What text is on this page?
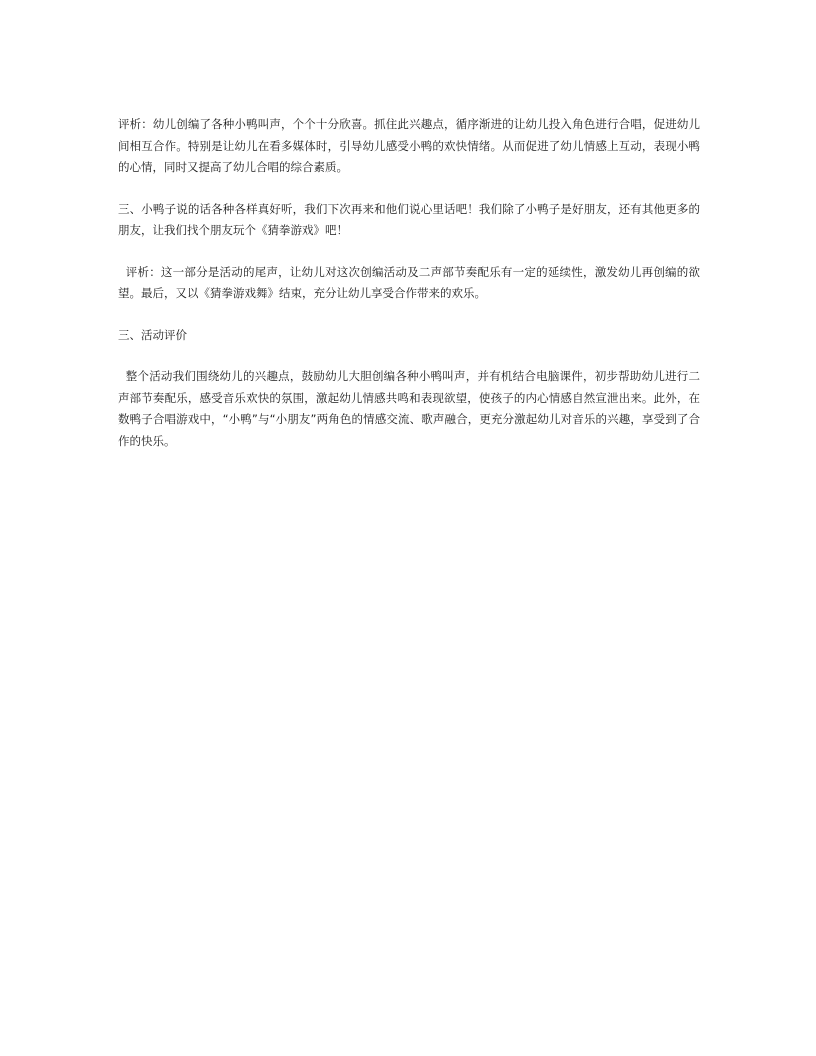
评析：幼儿创编了各种小鸭叫声，个个十分欣喜。抓住此兴趣点，循序渐进的让幼儿投入角色进行合唱，促进幼儿间相互合作。特别是让幼儿在看多媒体时，引导幼儿感受小鸭的欢快情绪。从而促进了幼儿情感上互动，表现小鸭的心情，同时又提高了幼儿合唱的综合素质。

三、小鸭子说的话各种各样真好听，我们下次再来和他们说心里话吧！我们除了小鸭子是好朋友，还有其他更多的朋友，让我们找个朋友玩个《猜拳游戏》吧！

评析：这一部分是活动的尾声，让幼儿对这次创编活动及二声部节奏配乐有一定的延续性，激发幼儿再创编的欲望。最后，又以《猜拳游戏舞》结束，充分让幼儿享受合作带来的欢乐。

三、活动评价

整个活动我们围绕幼儿的兴趣点，鼓励幼儿大胆创编各种小鸭叫声，并有机结合电脑课件，初步帮助幼儿进行二声部节奏配乐，感受音乐欢快的氛围，激起幼儿情感共鸣和表现欲望，使孩子的内心情感自然宣泄出来。此外，在数鸭子合唱游戏中，“小鸭”与“小朋友”两角色的情感交流、歌声融合，更充分激起幼儿对音乐的兴趣，享受到了合作的快乐。
